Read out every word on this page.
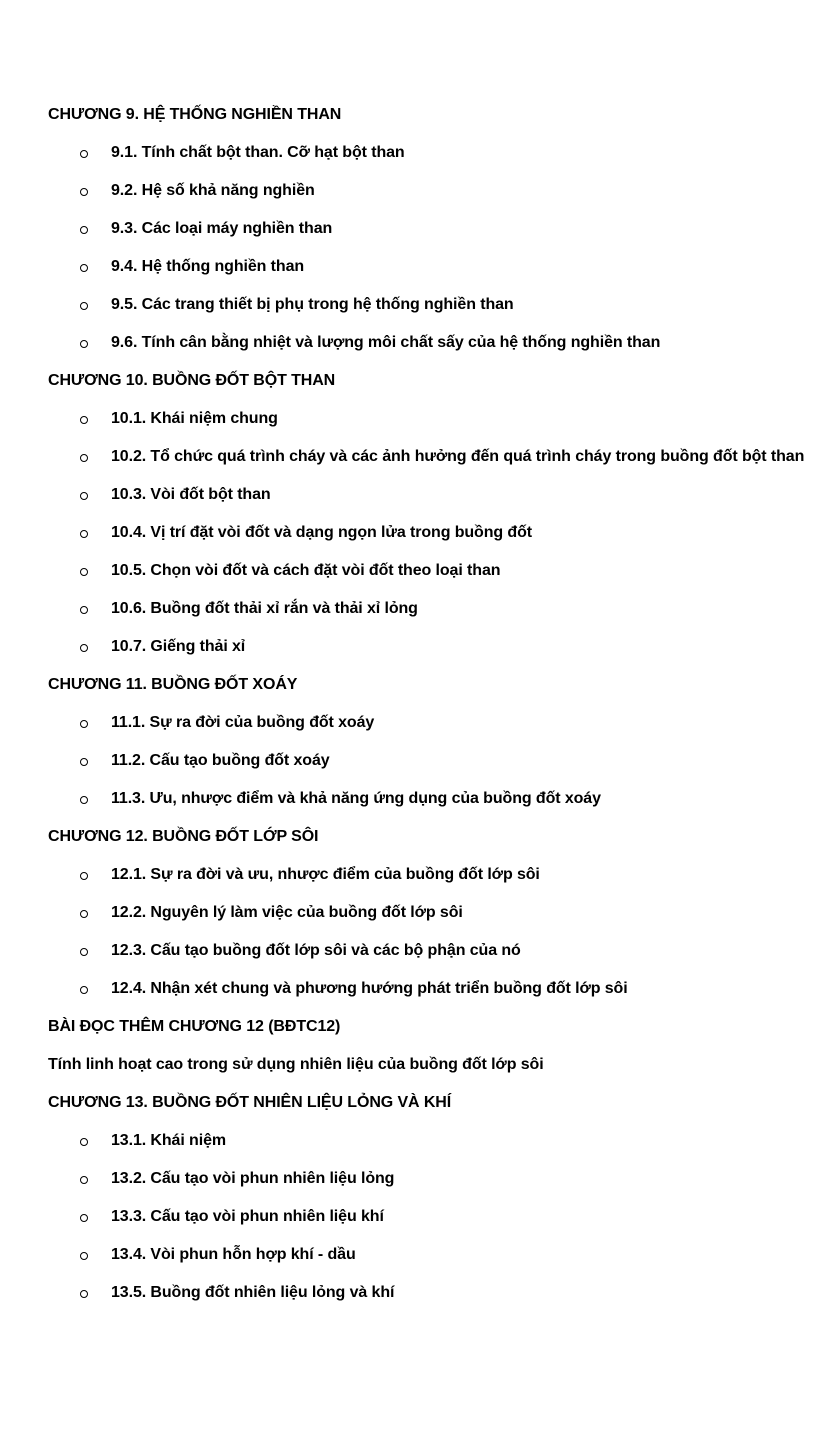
CHƯƠNG 9. HỆ THỐNG NGHIỀN THAN
9.1. Tính chất bột than. Cỡ hạt bột than
9.2. Hệ số khả năng nghiền
9.3. Các loại máy nghiền than
9.4. Hệ thống nghiền than
9.5. Các trang thiết bị phụ trong hệ thống nghiền than
9.6. Tính cân bằng nhiệt và lượng môi chất sấy của hệ thống nghiền than
CHƯƠNG 10. BUỒNG ĐỐT BỘT THAN
10.1. Khái niệm chung
10.2. Tổ chức quá trình cháy và các ảnh hưởng đến quá trình cháy trong buồng đốt bột than
10.3. Vòi đốt bột than
10.4. Vị trí đặt vòi đốt và dạng ngọn lửa trong buồng đốt
10.5. Chọn vòi đốt và cách đặt vòi đốt theo loại than
10.6. Buồng đốt thải xỉ rắn và thải xỉ lỏng
10.7. Giếng thải xỉ
CHƯƠNG 11. BUỒNG ĐỐT XOÁY
11.1. Sự ra đời của buồng đốt xoáy
11.2. Cấu tạo buồng đốt xoáy
11.3. Ưu, nhược điểm và khả năng ứng dụng của buồng đốt xoáy
CHƯƠNG 12. BUỒNG ĐỐT LỚP SÔI
12.1. Sự ra đời và ưu, nhược điểm của buồng đốt lớp sôi
12.2. Nguyên lý làm việc của buồng đốt lớp sôi
12.3. Cấu tạo buồng đốt lớp sôi và các bộ phận của nó
12.4. Nhận xét chung và phương hướng phát triển buồng đốt lớp sôi
BÀI ĐỌC THÊM CHƯƠNG 12 (BĐTC12)
Tính linh hoạt cao trong sử dụng nhiên liệu của buồng đốt lớp sôi
CHƯƠNG 13. BUỒNG ĐỐT NHIÊN LIỆU LỎNG VÀ KHÍ
13.1. Khái niệm
13.2. Cấu tạo vòi phun nhiên liệu lỏng
13.3. Cấu tạo vòi phun nhiên liệu khí
13.4. Vòi phun hỗn hợp khí - dầu
13.5. Buồng đốt nhiên liệu lỏng và khí
